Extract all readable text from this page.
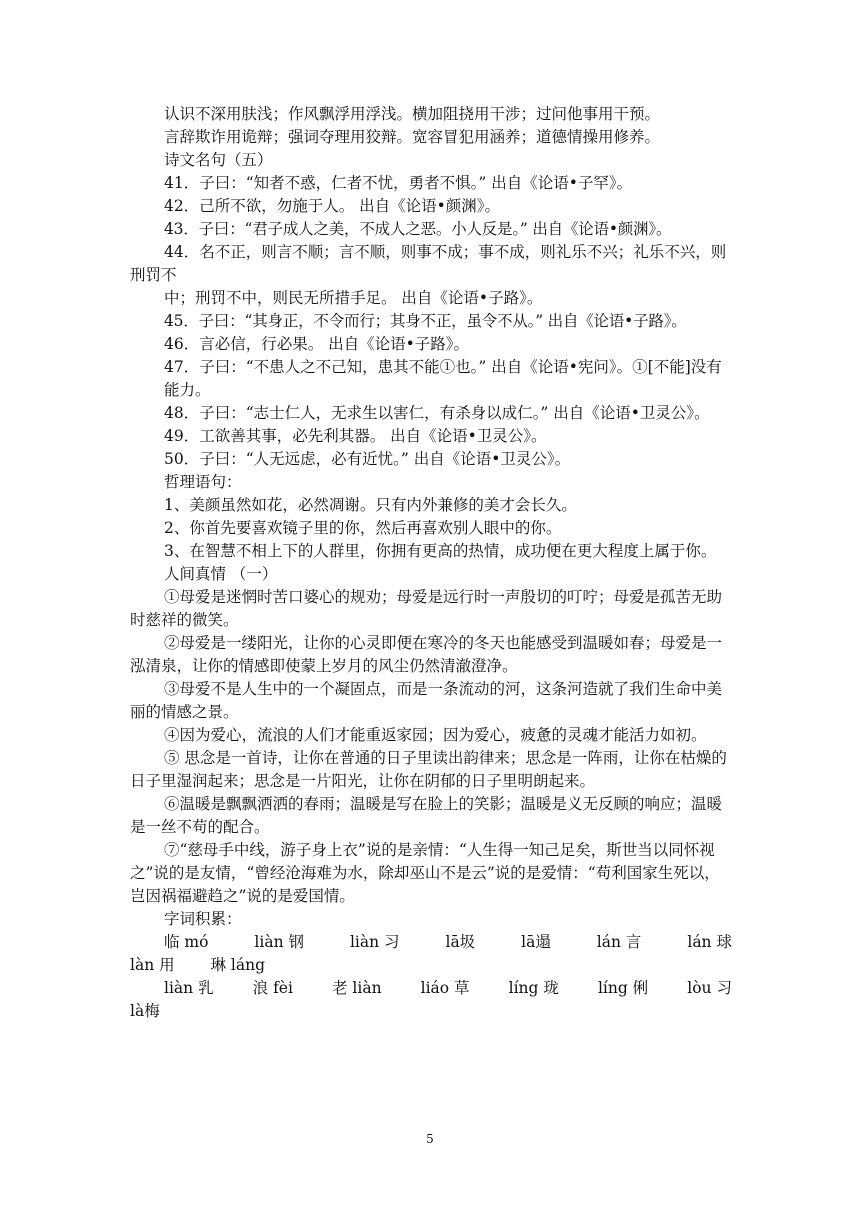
认识不深用肤浅；作风飘浮用浮浅。横加阻挠用干涉；过问他事用干预。

言辞欺诈用诡辩；强词夺理用狡辩。宽容冒犯用涵养；道德情操用修养。

诗文名句（五）

41．子曰：“知者不惑，仁者不忧，勇者不惧。” 出自《论语•子罕》。

42．己所不欲，勿施于人。 出自《论语•颜渊》。

43．子曰：“君子成人之美，不成人之恶。小人反是。” 出自《论语•颜渊》。

44．名不正，则言不顺；言不顺，则事不成；事不成，则礼乐不兴；礼乐不兴，则刑罚不

中；刑罚不中，则民无所措手足。 出自《论语•子路》。

45．子曰：“其身正，不令而行；其身不正，虽令不从。” 出自《论语•子路》。

46．言必信，行必果。 出自《论语•子路》。

47．子曰：“不患人之不己知，患其不能①也。” 出自《论语•宪问》。①[不能]没有

能力。

48．子曰：“志士仁人，无求生以害仁，有杀身以成仁。” 出自《论语•卫灵公》。

49．工欲善其事，必先利其器。 出自《论语•卫灵公》。

50．子曰：“人无远虑，必有近忧。” 出自《论语•卫灵公》。

哲理语句：

1、美颜虽然如花，必然凋谢。只有内外兼修的美才会长久。

2、你首先要喜欢镜子里的你，然后再喜欢别人眼中的你。

3、在智慧不相上下的人群里，你拥有更高的热情，成功便在更大程度上属于你。

人间真情 （一）

①母爱是迷惘时苦口婆心的规劝；母爱是远行时一声殷切的叮咛；母爱是孤苦无助时慈祥的微笑。

②母爱是一缕阳光，让你的心灵即便在寒冷的冬天也能感受到温暖如春；母爱是一泓清泉，让你的情感即使蒙上岁月的风尘仍然清澈澄净。

③母爱不是人生中的一个凝固点，而是一条流动的河，这条河造就了我们生命中美丽的情感之景。

④因为爱心，流浪的人们才能重返家园；因为爱心，疲惫的灵魂才能活力如初。

⑤ 思念是一首诗，让你在普通的日子里读出韵律来；思念是一阵雨，让你在枯燥的日子里湿润起来；思念是一片阳光，让你在阴郁的日子里明朗起来。

⑥温暖是飘飘洒洒的春雨；温暖是写在脸上的笑影；温暖是义无反顾的响应；温暖是一丝不苟的配合。

⑦“慈母手中线，游子身上衣”说的是亲情：“人生得一知己足矣，斯世当以同怀视之”说的是友情，“曾经沧海难为水，除却巫山不是云”说的是爱情：“苟利国家生死以，岂因祸福避趋之”说的是爱国情。

字词积累：

临 mó	liàn 钢	liàn 习	lā圾	lā遢	lán 言	lán 球

làn 用 琳 láng

liàn 乳	浪 fèi	老 liàn	liáo 草	líng 珑	líng 俐	lòu 习

là梅

5
